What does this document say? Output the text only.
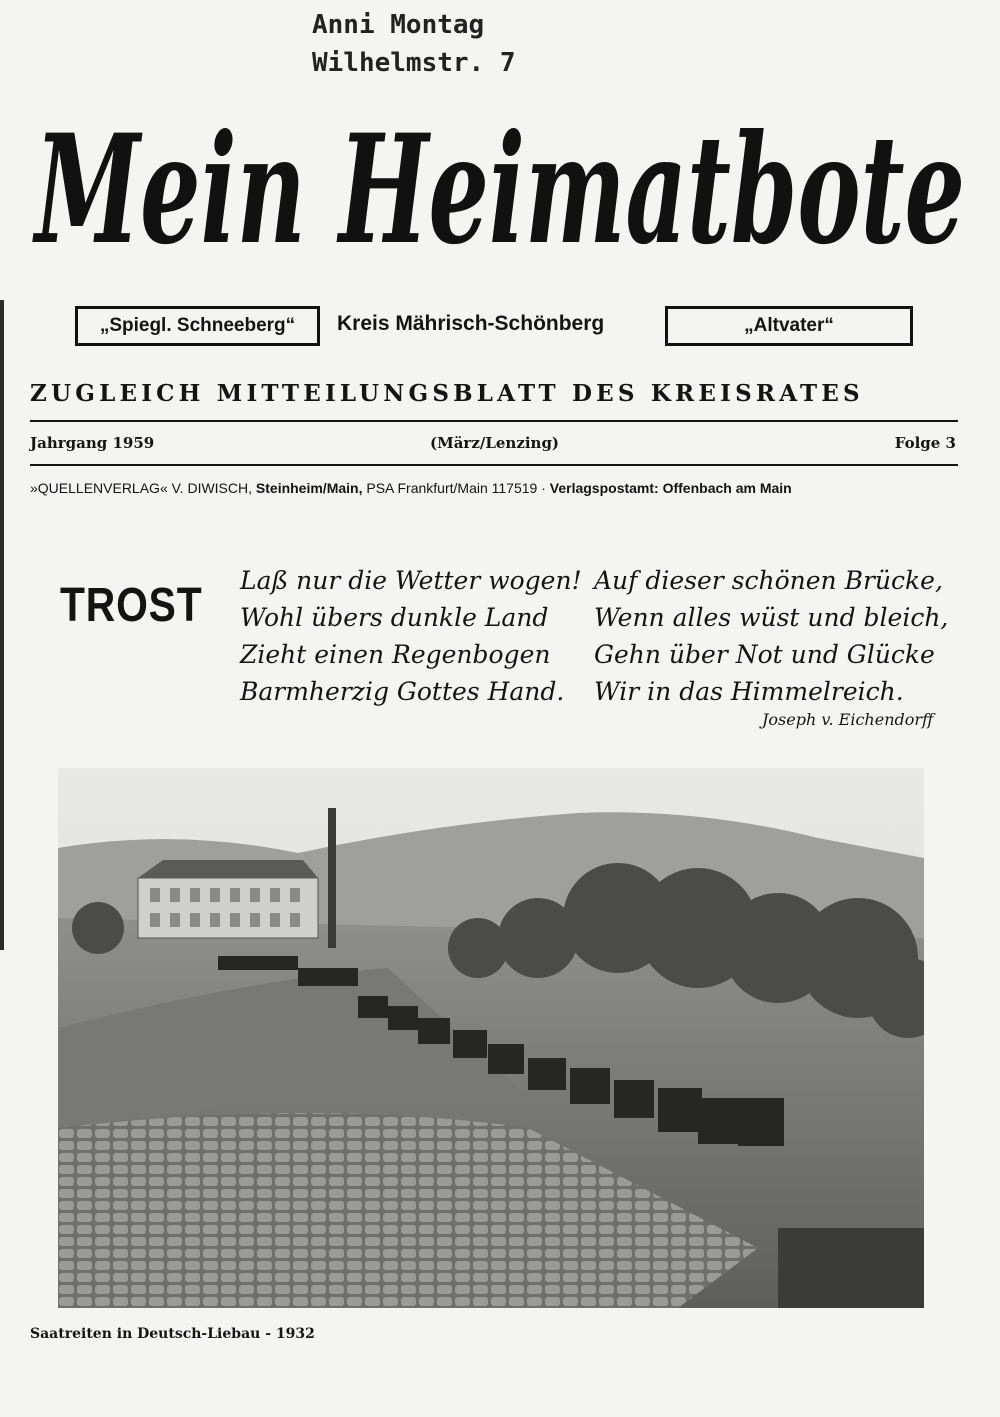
Anni Montag
Wilhelmstr. 7
Mein Heimatbote
„Spiegl. Schneeberg“	Kreis Mährisch-Schönberg	„Altvater“
ZUGLEICH MITTEILUNGSBLATT DES KREISRATES
Jahrgang 1959	(März/Lenzing)	Folge 3
»QUELLENVERLAG« V. DIWISCH, Steinheim/Main, PSA Frankfurt/Main 117519 · Verlagspostamt: Offenbach am Main
TROST Laß nur die Wetter wogen!
Wohl übers dunkle Land
Zieht einen Regenbogen
Barmherzig Gottes Hand.
Auf dieser schönen Brücke,
Wenn alles wüst und bleich,
Gehn über Not und Glücke
Wir in das Himmelreich.
Joseph v. Eichendorff
Saatreiten in Deutsch-Liebau - 1932
